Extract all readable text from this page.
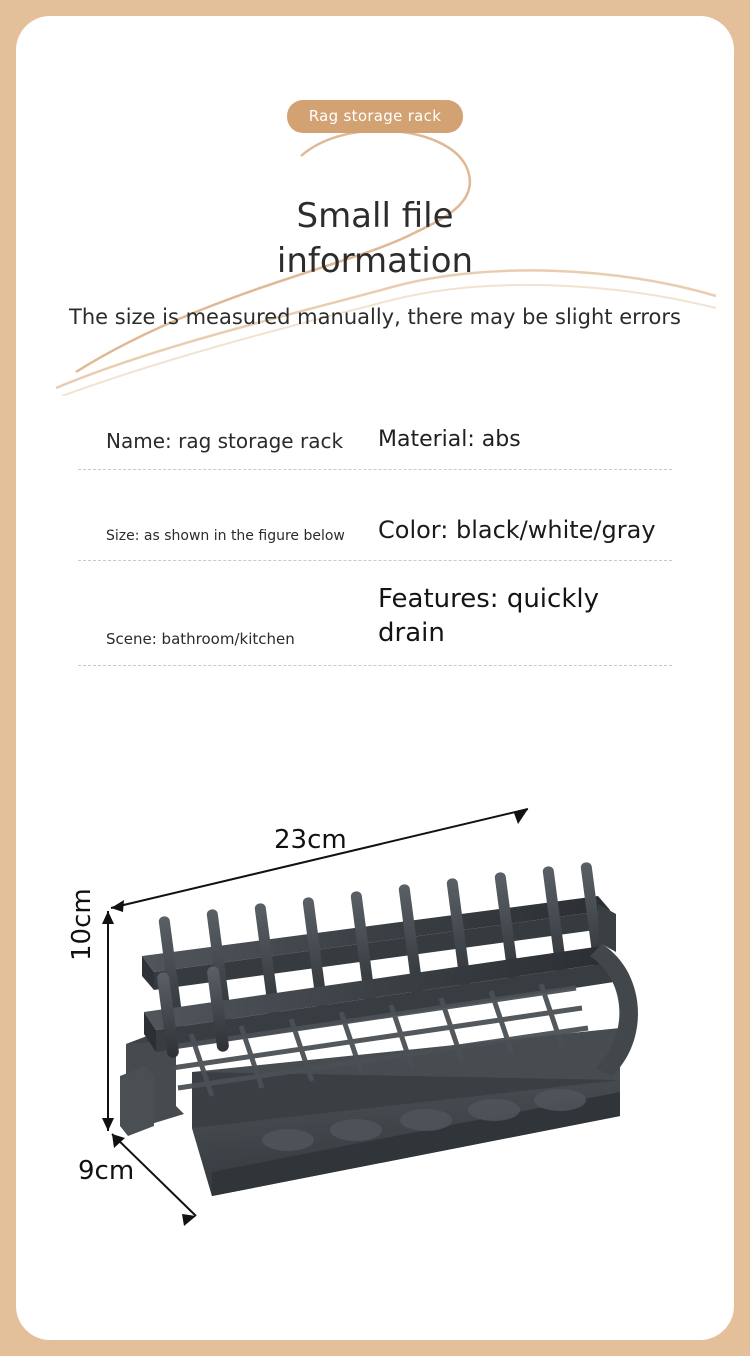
Rag storage rack
Small file
information
The size is measured manually, there may be slight errors
Name: rag storage rack	Material: abs
Size: as shown in the figure below	Color: black/white/gray
Scene: bathroom/kitchen
Features: quickly drain
23cm
10cm
9cm
